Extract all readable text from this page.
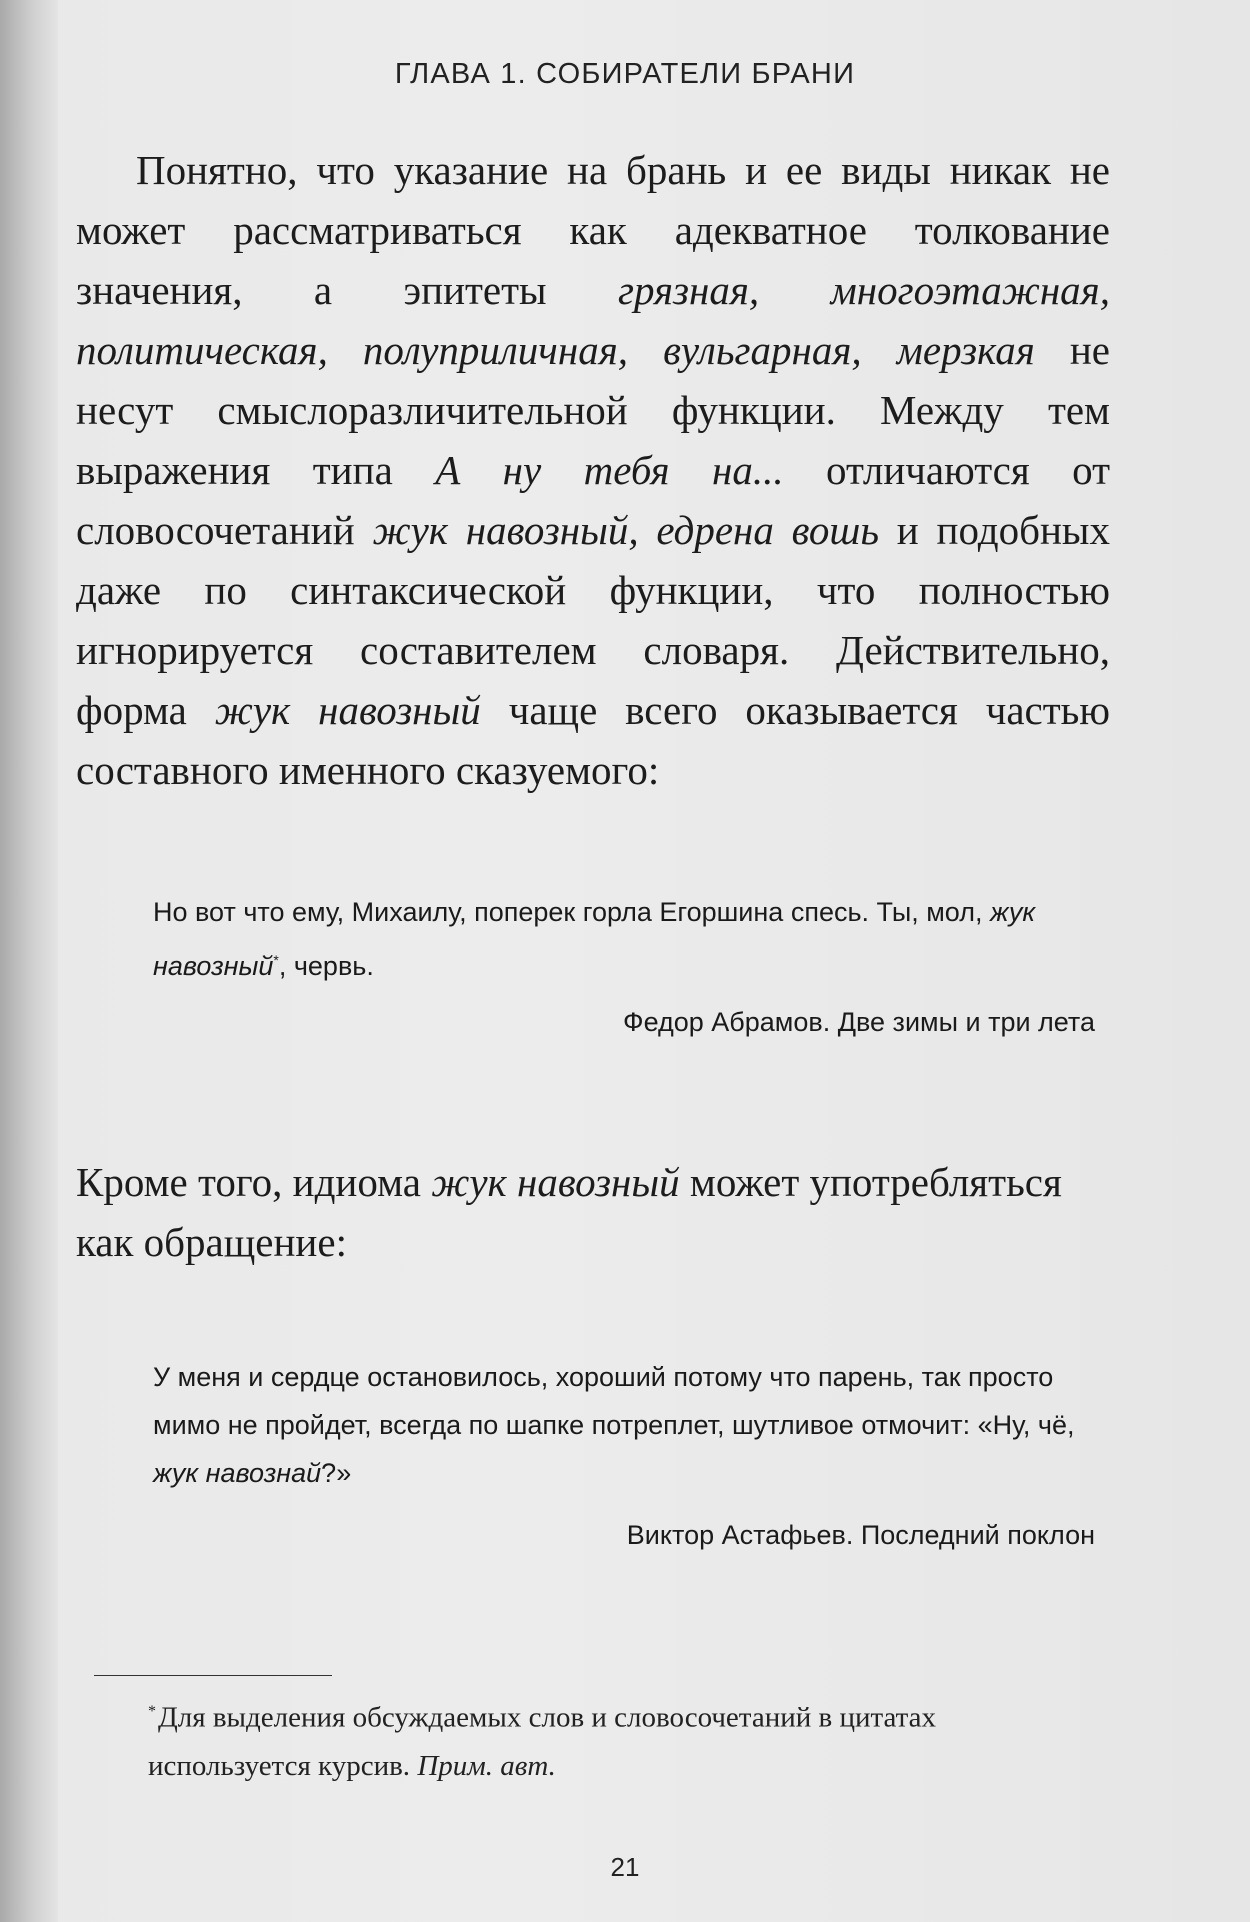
ГЛАВА 1. СОБИРАТЕЛИ БРАНИ

Понятно, что указание на брань и ее виды никак не может рассматриваться как адекватное толкование значения, а эпитеты грязная, многоэтажная, политическая, полуприличная, вульгарная, мерзкая не несут смыслоразличительной функции. Между тем выражения типа А ну тебя на... отличаются от словосочетаний жук навозный, едрена вошь и подобных даже по синтаксической функции, что полностью игнорируется составителем словаря. Действительно, форма жук навозный чаще всего оказывается частью составного именного сказуемого:

Но вот что ему, Михаилу, поперек горла Егоршина спесь. Ты, мол, жук навозный*, червь.

Федор Абрамов. Две зимы и три лета

Кроме того, идиома жук навозный может употребляться как обращение:

У меня и сердце остановилось, хороший потому что парень, так просто мимо не пройдет, всегда по шапке потреплет, шутливое отмочит: «Ну, чё, жук навознай?»

Виктор Астафьев. Последний поклон

*Для выделения обсуждаемых слов и словосочетаний в цитатах используется курсив. Прим. авт.

21
